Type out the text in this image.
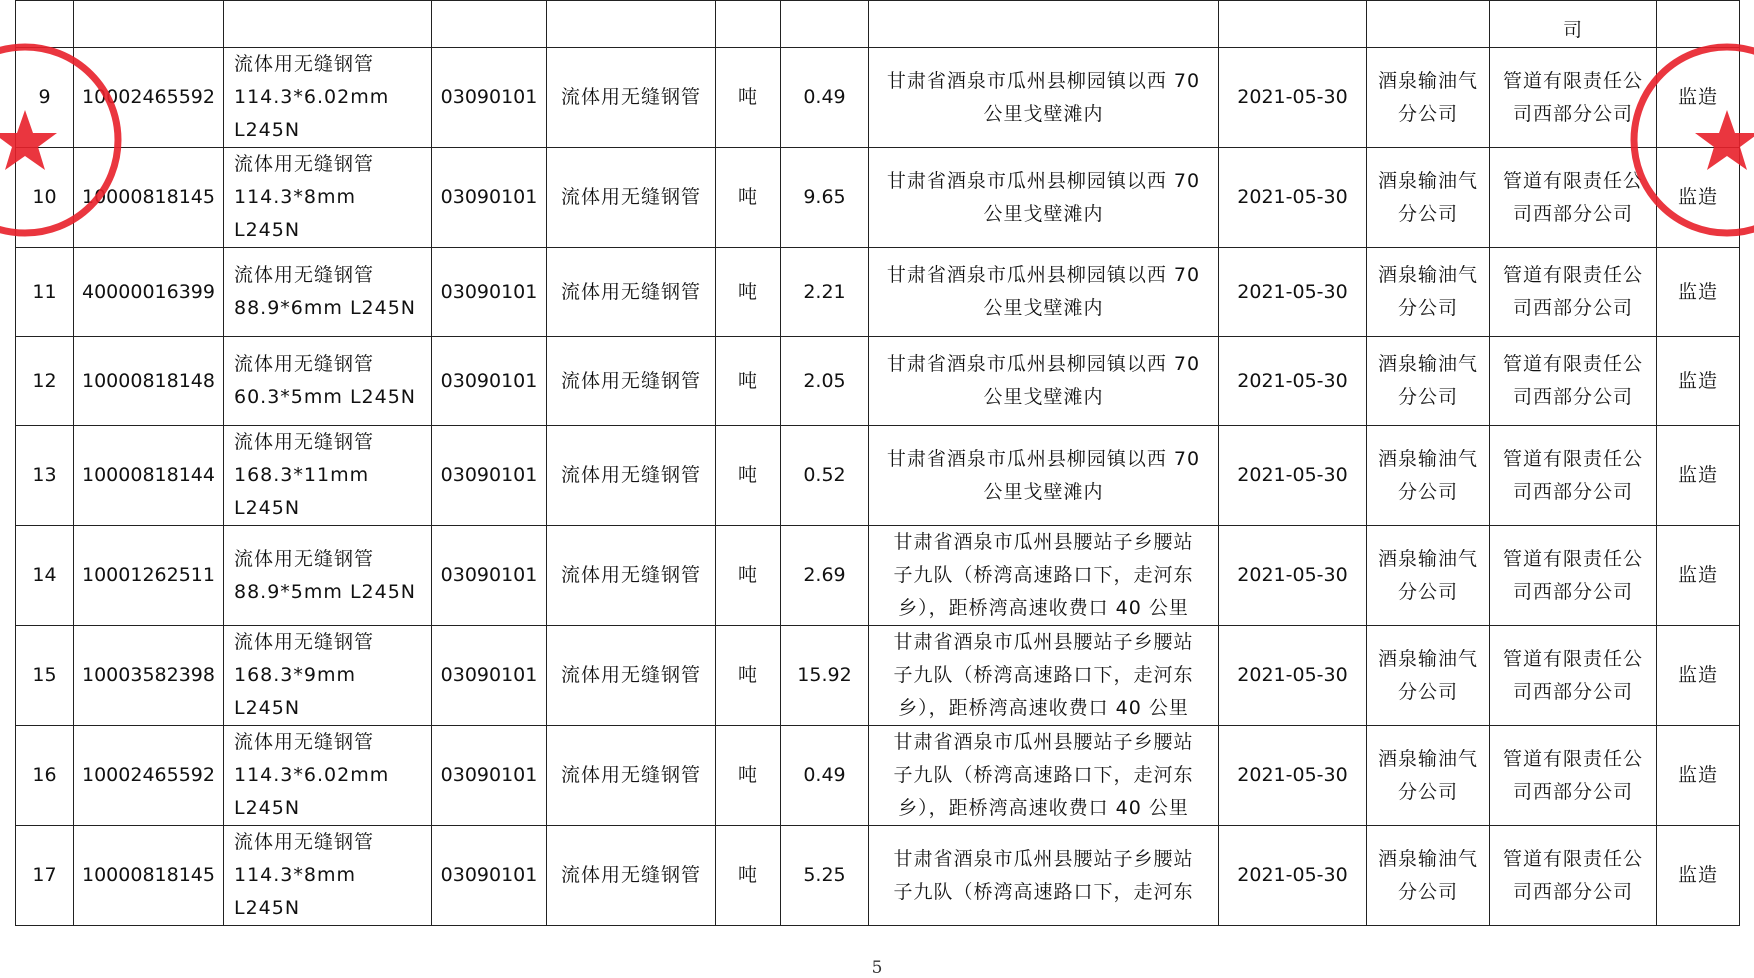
										司	
9	10002465592	流体用无缝钢管 114.3*6.02mm L245N	03090101	流体用无缝钢管	吨	0.49	甘肃省酒泉市瓜州县柳园镇以西 70 公里戈壁滩内	2021-05-30	酒泉输油气分公司	管道有限责任公司西部分公司	监造
10	10000818145	流体用无缝钢管 114.3*8mm L245N	03090101	流体用无缝钢管	吨	9.65	甘肃省酒泉市瓜州县柳园镇以西 70 公里戈壁滩内	2021-05-30	酒泉输油气分公司	管道有限责任公司西部分公司	监造
11	40000016399	流体用无缝钢管 88.9*6mm L245N	03090101	流体用无缝钢管	吨	2.21	甘肃省酒泉市瓜州县柳园镇以西 70 公里戈壁滩内	2021-05-30	酒泉输油气分公司	管道有限责任公司西部分公司	监造
12	10000818148	流体用无缝钢管 60.3*5mm L245N	03090101	流体用无缝钢管	吨	2.05	甘肃省酒泉市瓜州县柳园镇以西 70 公里戈壁滩内	2021-05-30	酒泉输油气分公司	管道有限责任公司西部分公司	监造
13	10000818144	流体用无缝钢管 168.3*11mm L245N	03090101	流体用无缝钢管	吨	0.52	甘肃省酒泉市瓜州县柳园镇以西 70 公里戈壁滩内	2021-05-30	酒泉输油气分公司	管道有限责任公司西部分公司	监造
14	10001262511	流体用无缝钢管 88.9*5mm L245N	03090101	流体用无缝钢管	吨	2.69	甘肃省酒泉市瓜州县腰站子乡腰站子九队（桥湾高速路口下，走河东乡），距桥湾高速收费口 40 公里	2021-05-30	酒泉输油气分公司	管道有限责任公司西部分公司	监造
15	10003582398	流体用无缝钢管 168.3*9mm L245N	03090101	流体用无缝钢管	吨	15.92	甘肃省酒泉市瓜州县腰站子乡腰站子九队（桥湾高速路口下，走河东乡），距桥湾高速收费口 40 公里	2021-05-30	酒泉输油气分公司	管道有限责任公司西部分公司	监造
16	10002465592	流体用无缝钢管 114.3*6.02mm L245N	03090101	流体用无缝钢管	吨	0.49	甘肃省酒泉市瓜州县腰站子乡腰站子九队（桥湾高速路口下，走河东乡），距桥湾高速收费口 40 公里	2021-05-30	酒泉输油气分公司	管道有限责任公司西部分公司	监造
17	10000818145	流体用无缝钢管 114.3*8mm L245N	03090101	流体用无缝钢管	吨	5.25	甘肃省酒泉市瓜州县腰站子乡腰站子九队（桥湾高速路口下，走河东	2021-05-30	酒泉输油气分公司	管道有限责任公司西部分公司	监造
5
